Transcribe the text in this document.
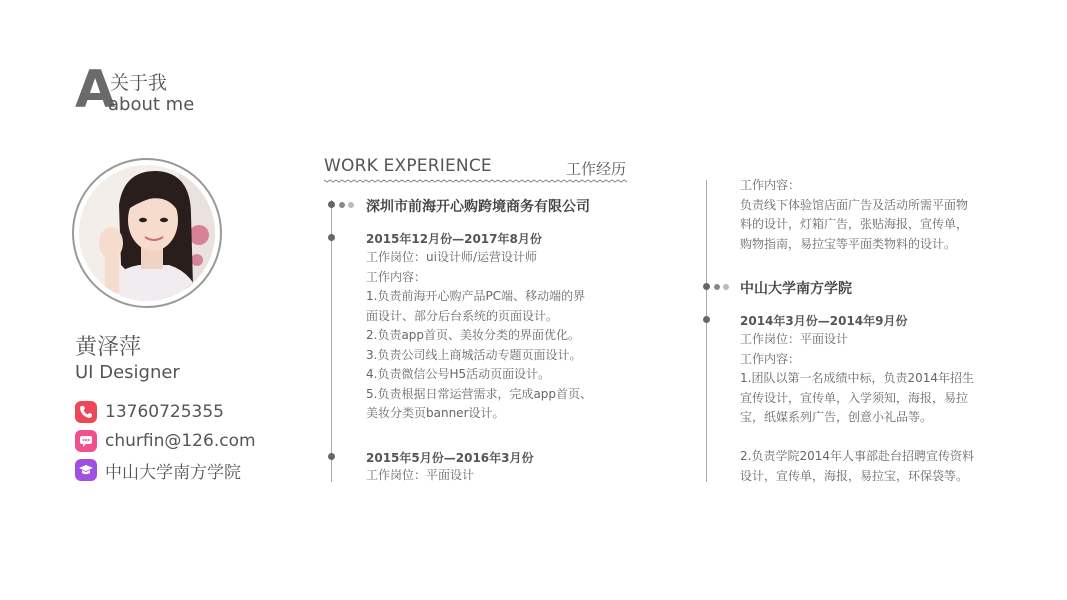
A
关于我
about me
黄泽萍
UI Designer
13760725355
churfin@126.com
中山大学南方学院
WORK EXPERIENCE	工作经历
深圳市前海开心购跨境商务有限公司
2015年12月份—2017年8月份
工作岗位：ui设计师/运营设计师
工作内容：
1.负责前海开心购产品PC端、移动端的界
面设计、部分后台系统的页面设计。
2.负责app首页、美妆分类的界面优化。
3.负责公司线上商城活动专题页面设计。
4.负责微信公号H5活动页面设计。
5.负责根据日常运营需求，完成app首页、
美妆分类页banner设计。
2015年5月份—2016年3月份
工作岗位：平面设计
工作内容：
负责线下体验馆店面广告及活动所需平面物
料的设计，灯箱广告，张贴海报，宣传单，
购物指南，易拉宝等平面类物料的设计。
中山大学南方学院
2014年3月份—2014年9月份
工作岗位：平面设计
工作内容：
1.团队以第一名成绩中标，负责2014年招生
宣传设计，宣传单，入学须知，海报，易拉
宝，纸媒系列广告，创意小礼品等。
2.负责学院2014年人事部赴台招聘宣传资料
设计，宣传单，海报，易拉宝，环保袋等。
